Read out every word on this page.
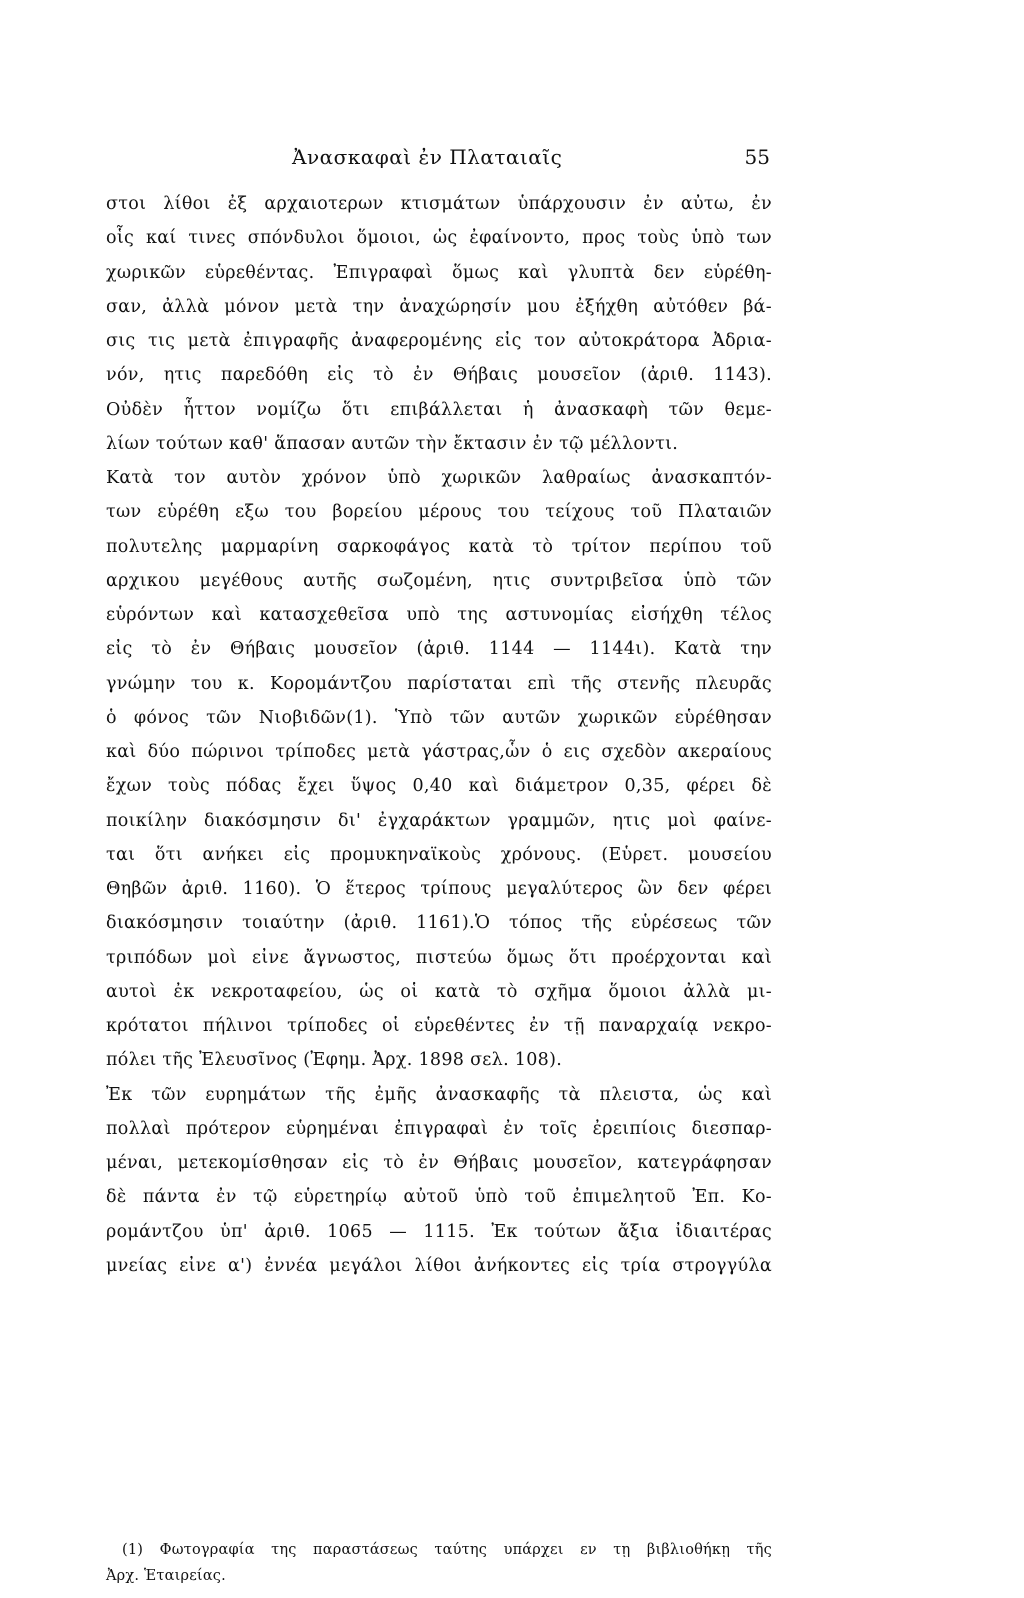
Ἀνασκαφαὶ ἐν Πλαταιαῖς	55
στοι λίθοι ἐξ αρχαιοτερων κτισμάτων ὑπάρχουσιν ἐν αὐτω, ἐν
οἷς καί τινες σπόνδυλοι ὅμοιοι, ὡς ἐφαίνοντο, προς τοὺς ὑπὸ των
χωρικῶν εὑρεθέντας. Ἐπιγραφαὶ ὅμως καὶ γλυπτὰ δεν εὑρέθη-
σαν, ἀλλὰ μόνον μετὰ την ἀναχώρησίν μου ἐξήχθη αὐτόθεν βά-
σις τις μετὰ ἐπιγραφῆς ἀναφερομένης εἰς τον αὐτοκράτορα Ἀδρια-
νόν, ητις παρεδόθη εἰς τὸ ἐν Θήβαις μουσεῖον (ἀριθ. 1143).
Οὐδὲν ἧττον νομίζω ὅτι επιβάλλεται ἡ ἀνασκαφὴ τῶν θεμε-
λίων τούτων καθ' ἅπασαν αυτῶν τὴν ἔκτασιν ἐν τῷ μέλλοντι.
Κατὰ τον αυτὸν χρόνον ὑπὸ χωρικῶν λαθραίως ἀνασκαπτόν-
των εὑρέθη εξω του βορείου μέρους του τείχους τοῦ Πλαταιῶν
πολυτελης μαρμαρίνη σαρκοφάγος κατὰ τὸ τρίτον περίπου τοῦ
αρχικου μεγέθους αυτῆς σωζομένη, ητις συντριβεῖσα ὑπὸ τῶν
εὑρόντων καὶ κατασχεθεῖσα υπὸ της αστυνομίας εἰσήχθη τέλος
εἰς τὸ ἐν Θήβαις μουσεῖον (ἀριθ. 1144 — 1144ι). Κατὰ την
γνώμην του κ. Κορομάντζου παρίσταται επὶ τῆς στενῆς πλευρᾶς
ὁ φόνος τῶν Νιοβιδῶν(1). Ὑπὸ τῶν αυτῶν χωρικῶν εὑρέθησαν
καὶ δύο πώρινοι τρίποδες μετὰ γάστρας,ὧν ὁ εις σχεδὸν ακεραίους
ἔχων τοὺς πόδας ἔχει ὕψος 0,40 καὶ διάμετρον 0,35, φέρει δὲ
ποικίλην διακόσμησιν δι' ἐγχαράκτων γραμμῶν, ητις μοὶ φαίνε-
ται ὅτι ανήκει εἰς προμυκηναϊκοὺς χρόνους. (Εὑρετ. μουσείου
Θηβῶν ἀριθ. 1160). Ὁ ἕτερος τρίπους μεγαλύτερος ὢν δεν φέρει
διακόσμησιν τοιαύτην (ἀριθ. 1161).Ὁ τόπος τῆς εὑρέσεως τῶν
τριπόδων μοὶ εἰνε ἄγνωστος, πιστεύω ὅμως ὅτι προέρχονται καὶ
αυτοὶ ἐκ νεκροταφείου, ὡς οἱ κατὰ τὸ σχῆμα ὅμοιοι ἀλλὰ μι-
κρότατοι πήλινοι τρίποδες οἱ εὑρεθέντες ἐν τῇ παναρχαίᾳ νεκρο-
πόλει τῆς Ἐλευσῖνος (Ἐφημ. Ἀρχ. 1898 σελ. 108).
Ἐκ τῶν ευρημάτων τῆς ἐμῆς ἀνασκαφῆς τὰ πλειστα, ὡς καὶ
πολλαὶ πρότερον εὑρημέναι ἐπιγραφαὶ ἐν τοῖς ἐρειπίοις διεσπαρ-
μέναι, μετεκομίσθησαν εἰς τὸ ἐν Θήβαις μουσεῖον, κατεγράφησαν
δὲ πάντα ἐν τῷ εὑρετηρίῳ αὐτοῦ ὑπὸ τοῦ ἐπιμελητοῦ Ἐπ. Κο-
ρομάντζου ὑπ' ἀριθ. 1065 — 1115. Ἐκ τούτων ἄξια ἰδιαιτέρας
μνείας εἰνε α') ἐννέα μεγάλοι λίθοι ἀνήκοντες εἰς τρία στρογγύλα
(1) Φωτογραφία της παραστάσεως ταύτης υπάρχει εν τῃ βιβλιοθήκῃ τῆς
Ἀρχ. Ἑταιρείας.
